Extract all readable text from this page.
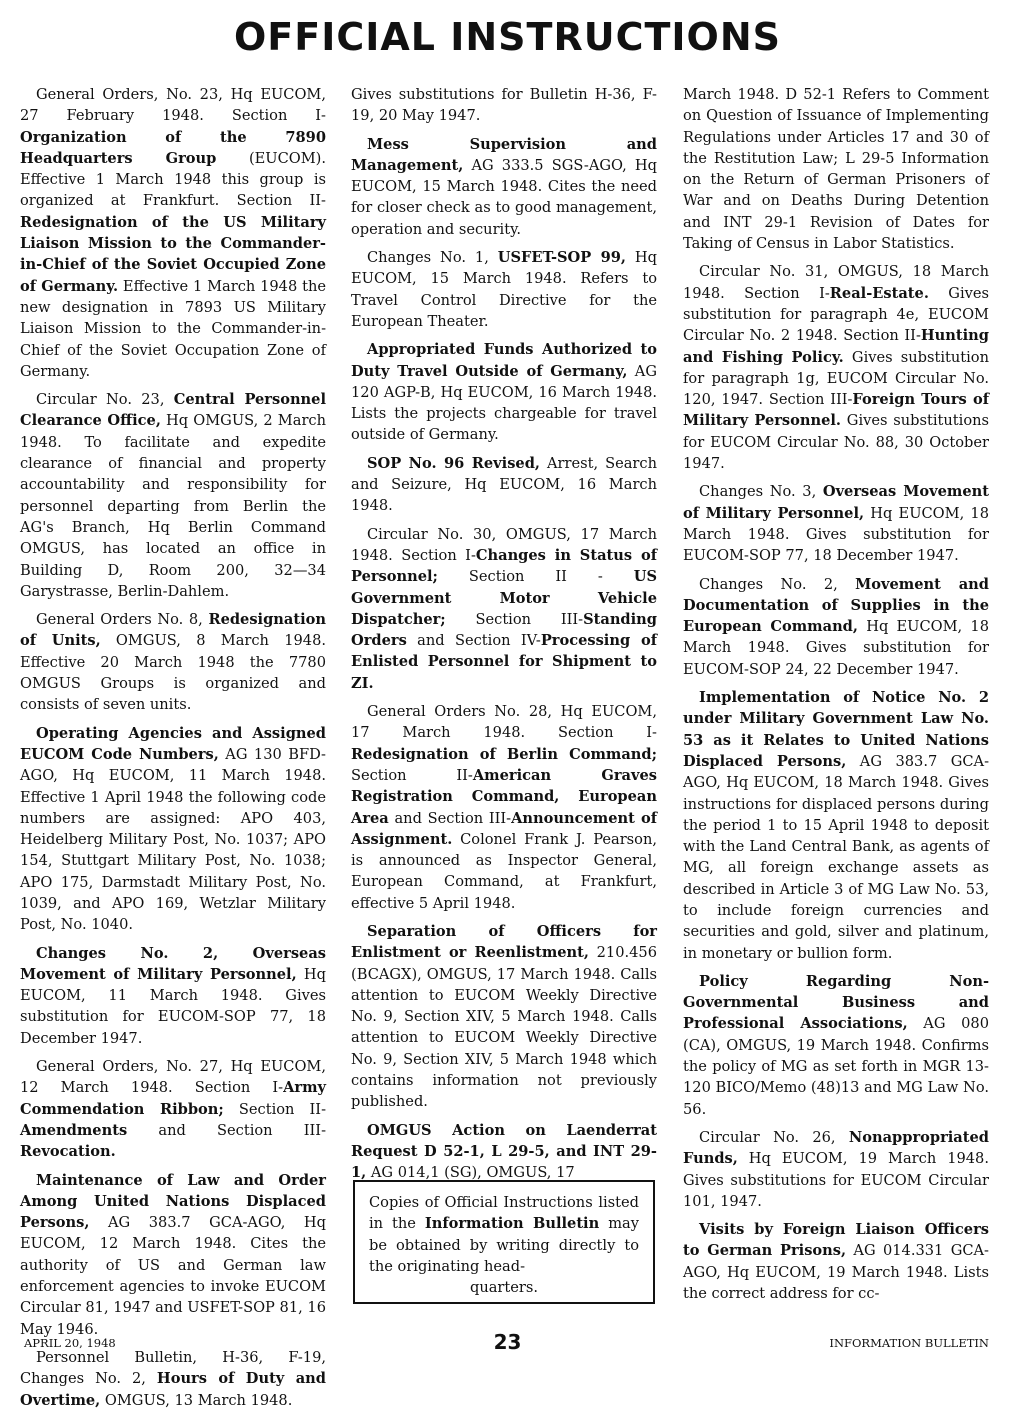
OFFICIAL INSTRUCTIONS

General Orders, No. 23, Hq EUCOM, 27 February 1948. Section I-Organization of the 7890 Headquarters Group (EUCOM). Effective 1 March 1948 this group is organized at Frankfurt. Section II-Redesignation of the US Military Liaison Mission to the Commander-in-Chief of the Soviet Occupied Zone of Germany. Effective 1 March 1948 the new designation in 7893 US Military Liaison Mission to the Commander-in-Chief of the Soviet Occupation Zone of Germany.

Circular No. 23, Central Personnel Clearance Office, Hq OMGUS, 2 March 1948. To facilitate and expedite clearance of financial and property accountability and responsibility for personnel departing from Berlin the AG's Branch, Hq Berlin Command OMGUS, has located an office in Building D, Room 200, 32—34 Garystrasse, Berlin-Dahlem.

General Orders No. 8, Redesignation of Units, OMGUS, 8 March 1948. Effective 20 March 1948 the 7780 OMGUS Groups is organized and consists of seven units.

Operating Agencies and Assigned EUCOM Code Numbers, AG 130 BFD-AGO, Hq EUCOM, 11 March 1948. Effective 1 April 1948 the following code numbers are assigned: APO 403, Heidelberg Military Post, No. 1037; APO 154, Stuttgart Military Post, No. 1038; APO 175, Darmstadt Military Post, No. 1039, and APO 169, Wetzlar Military Post, No. 1040.

Changes No. 2, Overseas Movement of Military Personnel, Hq EUCOM, 11 March 1948. Gives substitution for EUCOM-SOP 77, 18 December 1947.

General Orders, No. 27, Hq EUCOM, 12 March 1948. Section I-Army Commendation Ribbon; Section II-Amendments and Section III-Revocation.

Maintenance of Law and Order Among United Nations Displaced Persons, AG 383.7 GCA-AGO, Hq EUCOM, 12 March 1948. Cites the authority of US and German law enforcement agencies to invoke EUCOM Circular 81, 1947 and USFET-SOP 81, 16 May 1946.

Personnel Bulletin, H-36, F-19, Changes No. 2, Hours of Duty and Overtime, OMGUS, 13 March 1948.

Gives substitutions for Bulletin H-36, F-19, 20 May 1947.

Mess Supervision and Management, AG 333.5 SGS-AGO, Hq EUCOM, 15 March 1948. Cites the need for closer check as to good management, operation and security.

Changes No. 1, USFET-SOP 99, Hq EUCOM, 15 March 1948. Refers to Travel Control Directive for the European Theater.

Appropriated Funds Authorized to Duty Travel Outside of Germany, AG 120 AGP-B, Hq EUCOM, 16 March 1948. Lists the projects chargeable for travel outside of Germany.

SOP No. 96 Revised, Arrest, Search and Seizure, Hq EUCOM, 16 March 1948.

Circular No. 30, OMGUS, 17 March 1948. Section I-Changes in Status of Personnel; Section II - US Government Motor Vehicle Dispatcher; Section III-Standing Orders and Section IV-Processing of Enlisted Personnel for Shipment to ZI.

General Orders No. 28, Hq EUCOM, 17 March 1948. Section I-Redesignation of Berlin Command; Section II-American Graves Registration Command, European Area and Section III-Announcement of Assignment. Colonel Frank J. Pearson, is announced as Inspector General, European Command, at Frankfurt, effective 5 April 1948.

Separation of Officers for Enlistment or Reenlistment, 210.456 (BCAGX), OMGUS, 17 March 1948. Calls attention to EUCOM Weekly Directive No. 9, Section XIV, 5 March 1948. Calls attention to EUCOM Weekly Directive No. 9, Section XIV, 5 March 1948 which contains information not previously published.

OMGUS Action on Laenderrat Request D 52-1, L 29-5, and INT 29-1, AG 014,1 (SG), OMGUS, 17

March 1948. D 52-1 Refers to Comment on Question of Issuance of Implementing Regulations under Articles 17 and 30 of the Restitution Law; L 29-5 Information on the Return of German Prisoners of War and on Deaths During Detention and INT 29-1 Revision of Dates for Taking of Census in Labor Statistics.

Circular No. 31, OMGUS, 18 March 1948. Section I-Real-Estate. Gives substitution for paragraph 4e, EUCOM Circular No. 2 1948. Section II-Hunting and Fishing Policy. Gives substitution for paragraph 1g, EUCOM Circular No. 120, 1947. Section III-Foreign Tours of Military Personnel. Gives substitutions for EUCOM Circular No. 88, 30 October 1947.

Changes No. 3, Overseas Movement of Military Personnel, Hq EUCOM, 18 March 1948. Gives substitution for EUCOM-SOP 77, 18 December 1947.

Changes No. 2, Movement and Documentation of Supplies in the European Command, Hq EUCOM, 18 March 1948. Gives substitution for EUCOM-SOP 24, 22 December 1947.

Implementation of Notice No. 2 under Military Government Law No. 53 as it Relates to United Nations Displaced Persons, AG 383.7 GCA-AGO, Hq EUCOM, 18 March 1948. Gives instructions for displaced persons during the period 1 to 15 April 1948 to deposit with the Land Central Bank, as agents of MG, all foreign exchange assets as described in Article 3 of MG Law No. 53, to include foreign currencies and securities and gold, silver and platinum, in monetary or bullion form.

Policy Regarding Non-Governmental Business and Professional Associations, AG 080 (CA), OMGUS, 19 March 1948. Confirms the policy of MG as set forth in MGR 13-120 BICO/Memo (48)13 and MG Law No. 56.

Circular No. 26, Nonappropriated Funds, Hq EUCOM, 19 March 1948. Gives substitutions for EUCOM Circular 101, 1947.

Visits by Foreign Liaison Officers to German Prisons, AG 014.331 GCA-AGO, Hq EUCOM, 19 March 1948. Lists the correct address for cc-

Copies of Official Instructions listed in the Information Bulletin may be obtained by writing directly to the originating head-
quarters.
APRIL 20, 1948	23	INFORMATION BULLETIN
